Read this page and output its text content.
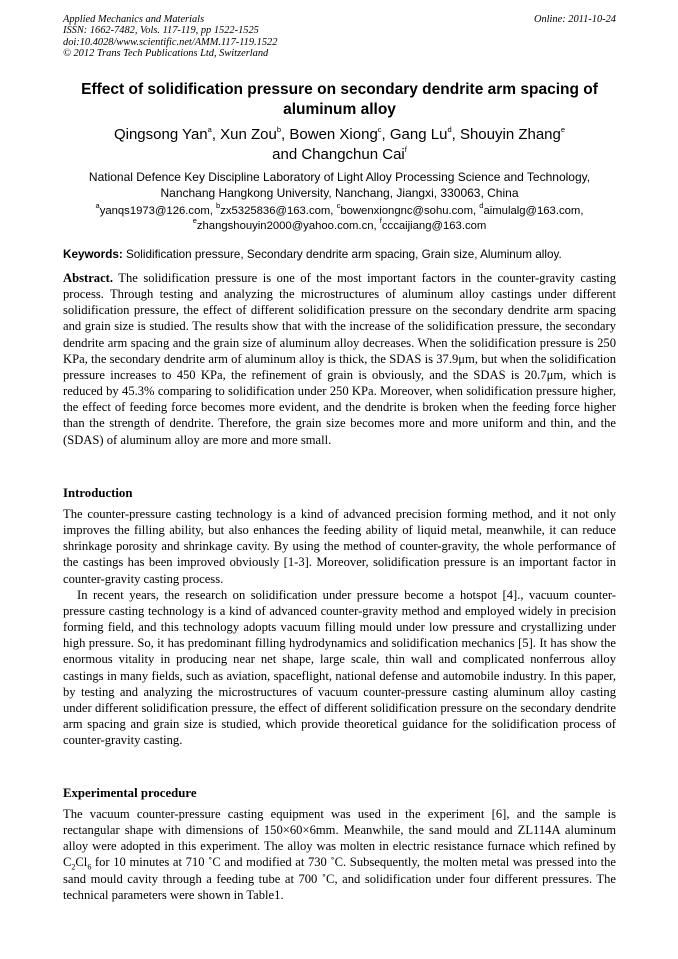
Applied Mechanics and Materials
ISSN: 1662-7482, Vols. 117-119, pp 1522-1525
doi:10.4028/www.scientific.net/AMM.117-119.1522
© 2012 Trans Tech Publications Ltd, Switzerland
Online: 2011-10-24
Effect of solidification pressure on secondary dendrite arm spacing of aluminum alloy
Qingsong Yan$^a$, Xun Zou$^b$, Bowen Xiong$^c$, Gang Lu$^d$, Shouyin Zhang$^e$
and Changchun Cai$^f$
National Defence Key Discipline Laboratory of Light Alloy Processing Science and Technology,
Nanchang Hangkong University, Nanchang, Jiangxi, 330063, China
$^a$yanqs1973@126.com, $^b$zx5325836@163.com, $^c$bowenxiongnc@sohu.com, $^d$aimulalg@163.com,
$^e$zhangshouyin2000@yahoo.com.cn, $^f$cccaijiang@163.com
Keywords: Solidification pressure, Secondary dendrite arm spacing, Grain size, Aluminum alloy.
Abstract. The solidification pressure is one of the most important factors in the counter-gravity casting process. Through testing and analyzing the microstructures of aluminum alloy castings under different solidification pressure, the effect of different solidification pressure on the secondary dendrite arm spacing and grain size is studied. The results show that with the increase of the solidification pressure, the secondary dendrite arm spacing and the grain size of aluminum alloy decreases. When the solidification pressure is 250 KPa, the secondary dendrite arm of aluminum alloy is thick, the SDAS is 37.9μm, but when the solidification pressure increases to 450 KPa, the refinement of grain is obviously, and the SDAS is 20.7μm, which is reduced by 45.3% comparing to solidification under 250 KPa. Moreover, when solidification pressure higher, the effect of feeding force becomes more evident, and the dendrite is broken when the feeding force higher than the strength of dendrite. Therefore, the grain size becomes more and more uniform and thin, and the (SDAS) of aluminum alloy are more and more small.
Introduction

The counter-pressure casting technology is a kind of advanced precision forming method, and it not only improves the filling ability, but also enhances the feeding ability of liquid metal, meanwhile, it can reduce shrinkage porosity and shrinkage cavity. By using the method of counter-gravity, the whole performance of the castings has been improved obviously [1-3]. Moreover, solidification pressure is an important factor in counter-gravity casting process.

In recent years, the research on solidification under pressure become a hotspot [4]., vacuum counter-pressure casting technology is a kind of advanced counter-gravity method and employed widely in precision forming field, and this technology adopts vacuum filling mould under low pressure and crystallizing under high pressure. So, it has predominant filling hydrodynamics and solidification mechanics [5]. It has show the enormous vitality in producing near net shape, large scale, thin wall and complicated nonferrous alloy castings in many fields, such as aviation, spaceflight, national defense and automobile industry. In this paper, by testing and analyzing the microstructures of vacuum counter-pressure casting aluminum alloy casting under different solidification pressure, the effect of different solidification pressure on the secondary dendrite arm spacing and grain size is studied, which provide theoretical guidance for the solidification process of counter-gravity casting.

Experimental procedure

The vacuum counter-pressure casting equipment was used in the experiment [6], and the sample is rectangular shape with dimensions of 150×60×6mm. Meanwhile, the sand mould and ZL114A aluminum alloy were adopted in this experiment. The alloy was molten in electric resistance furnace which refined by $C_2Cl_6$ for 10 minutes at 710 ˚C and modified at 730 ˚C. Subsequently, the molten metal was pressed into the sand mould cavity through a feeding tube at 700 ˚C, and solidification under four different pressures. The technical parameters were shown in Table1.
